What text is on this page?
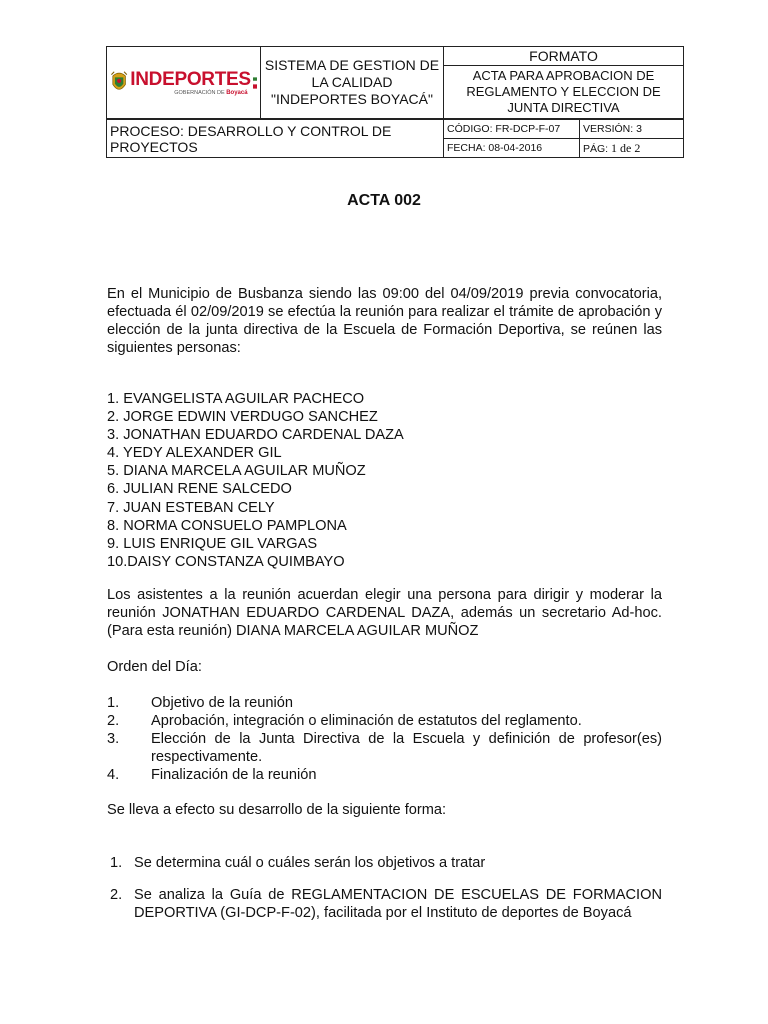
INDEPORTES
GOBERNACIÓN DE Boyacá
	SISTEMA DE GESTION DE LA CALIDAD "INDEPORTES BOYACÁ"	FORMATO
ACTA PARA APROBACION DE REGLAMENTO Y ELECCION DE JUNTA DIRECTIVA
PROCESO: DESARROLLO Y CONTROL DE PROYECTOS	CÓDIGO: FR-DCP-F-07	VERSIÓN: 3
	FECHA: 08-04-2016	PÁG: 1 de 2
ACTA 002
En el Municipio de Busbanza siendo las 09:00 del 04/09/2019 previa convocatoria, efectuada él 02/09/2019 se efectúa la reunión para realizar el trámite de aprobación y elección de la junta directiva de la Escuela de Formación Deportiva, se reúnen las siguientes personas:
1. EVANGELISTA AGUILAR PACHECO
2. JORGE EDWIN VERDUGO SANCHEZ
3. JONATHAN EDUARDO CARDENAL DAZA
4. YEDY ALEXANDER GIL
5. DIANA MARCELA AGUILAR MUÑOZ
6. JULIAN RENE SALCEDO
7. JUAN ESTEBAN CELY
8. NORMA CONSUELO PAMPLONA
9. LUIS ENRIQUE GIL VARGAS
10.DAISY CONSTANZA QUIMBAYO
Los asistentes a la reunión acuerdan elegir una persona para dirigir y moderar la reunión JONATHAN EDUARDO CARDENAL DAZA, además un secretario Ad-hoc. (Para esta reunión) DIANA MARCELA AGUILAR MUÑOZ
Orden del Día:
1.	Objetivo de la reunión
2.	Aprobación, integración o eliminación de estatutos del reglamento.
3.	Elección de la Junta Directiva de la Escuela y definición de profesor(es) respectivamente.
4.	Finalización de la reunión
Se lleva a efecto su desarrollo de la siguiente forma:
1. Se determina cuál o cuáles serán los objetivos a tratar
2. Se analiza la Guía de REGLAMENTACION DE ESCUELAS DE FORMACION DEPORTIVA (GI-DCP-F-02), facilitada por el Instituto de deportes de Boyacá
